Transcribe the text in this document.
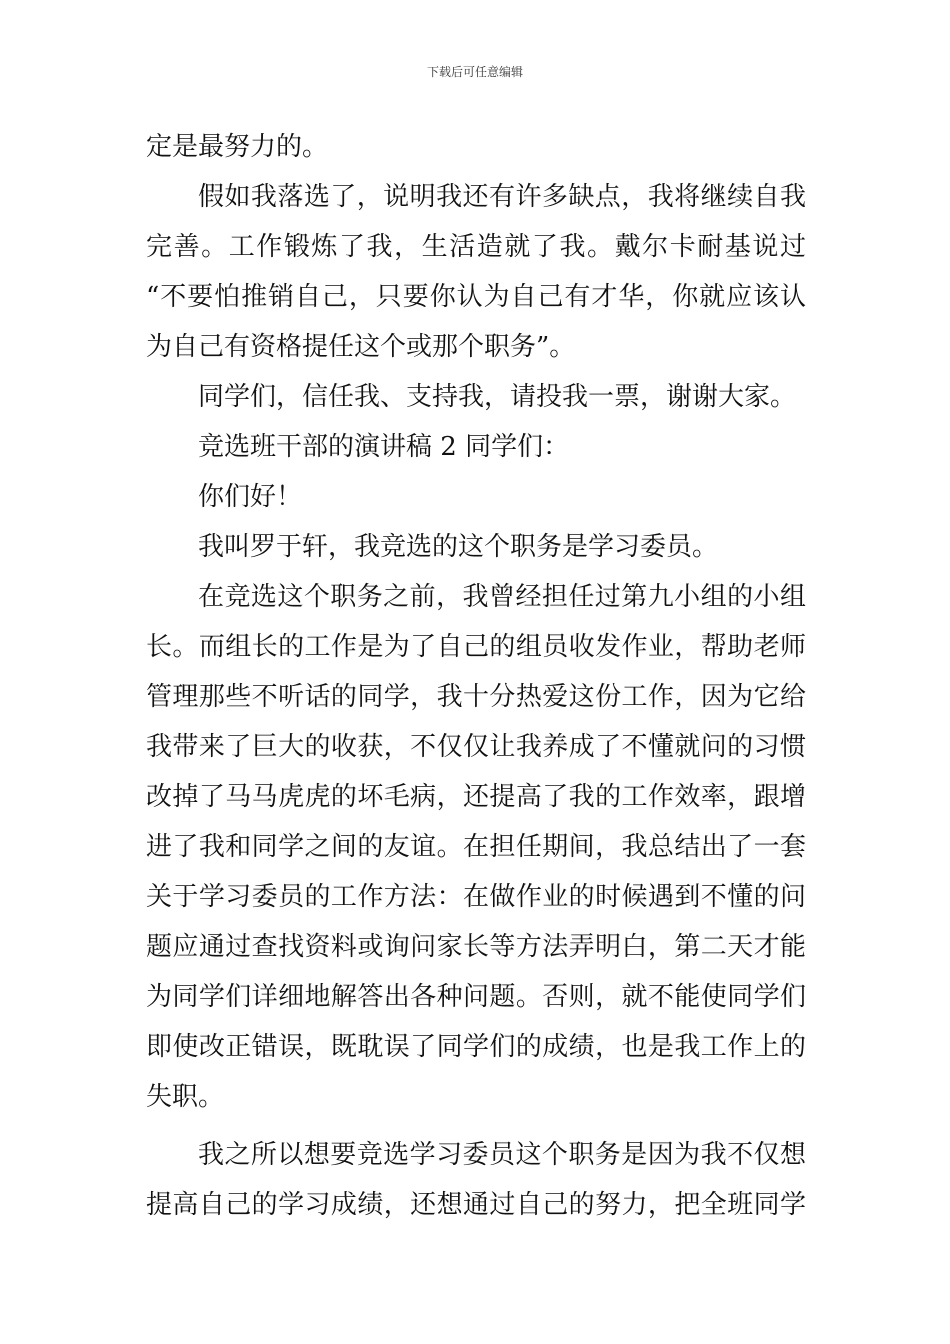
下载后可任意编辑
定是最努力的。
假如我落选了，说明我还有许多缺点，我将继续自我
完善。工作锻炼了我，生活造就了我。戴尔卡耐基说过
“不要怕推销自己，只要你认为自己有才华，你就应该认
为自己有资格提任这个或那个职务”。
同学们，信任我、支持我，请投我一票，谢谢大家。
竞选班干部的演讲稿 2 同学们：
你们好！
我叫罗于轩，我竞选的这个职务是学习委员。
在竞选这个职务之前，我曾经担任过第九小组的小组
长。而组长的工作是为了自己的组员收发作业，帮助老师
管理那些不听话的同学，我十分热爱这份工作，因为它给
我带来了巨大的收获，不仅仅让我养成了不懂就问的习惯
改掉了马马虎虎的坏毛病，还提高了我的工作效率，跟增
进了我和同学之间的友谊。在担任期间，我总结出了一套
关于学习委员的工作方法：在做作业的时候遇到不懂的问
题应通过查找资料或询问家长等方法弄明白，第二天才能
为同学们详细地解答出各种问题。否则，就不能使同学们
即使改正错误，既耽误了同学们的成绩，也是我工作上的
失职。
我之所以想要竞选学习委员这个职务是因为我不仅想
提高自己的学习成绩，还想通过自己的努力，把全班同学
